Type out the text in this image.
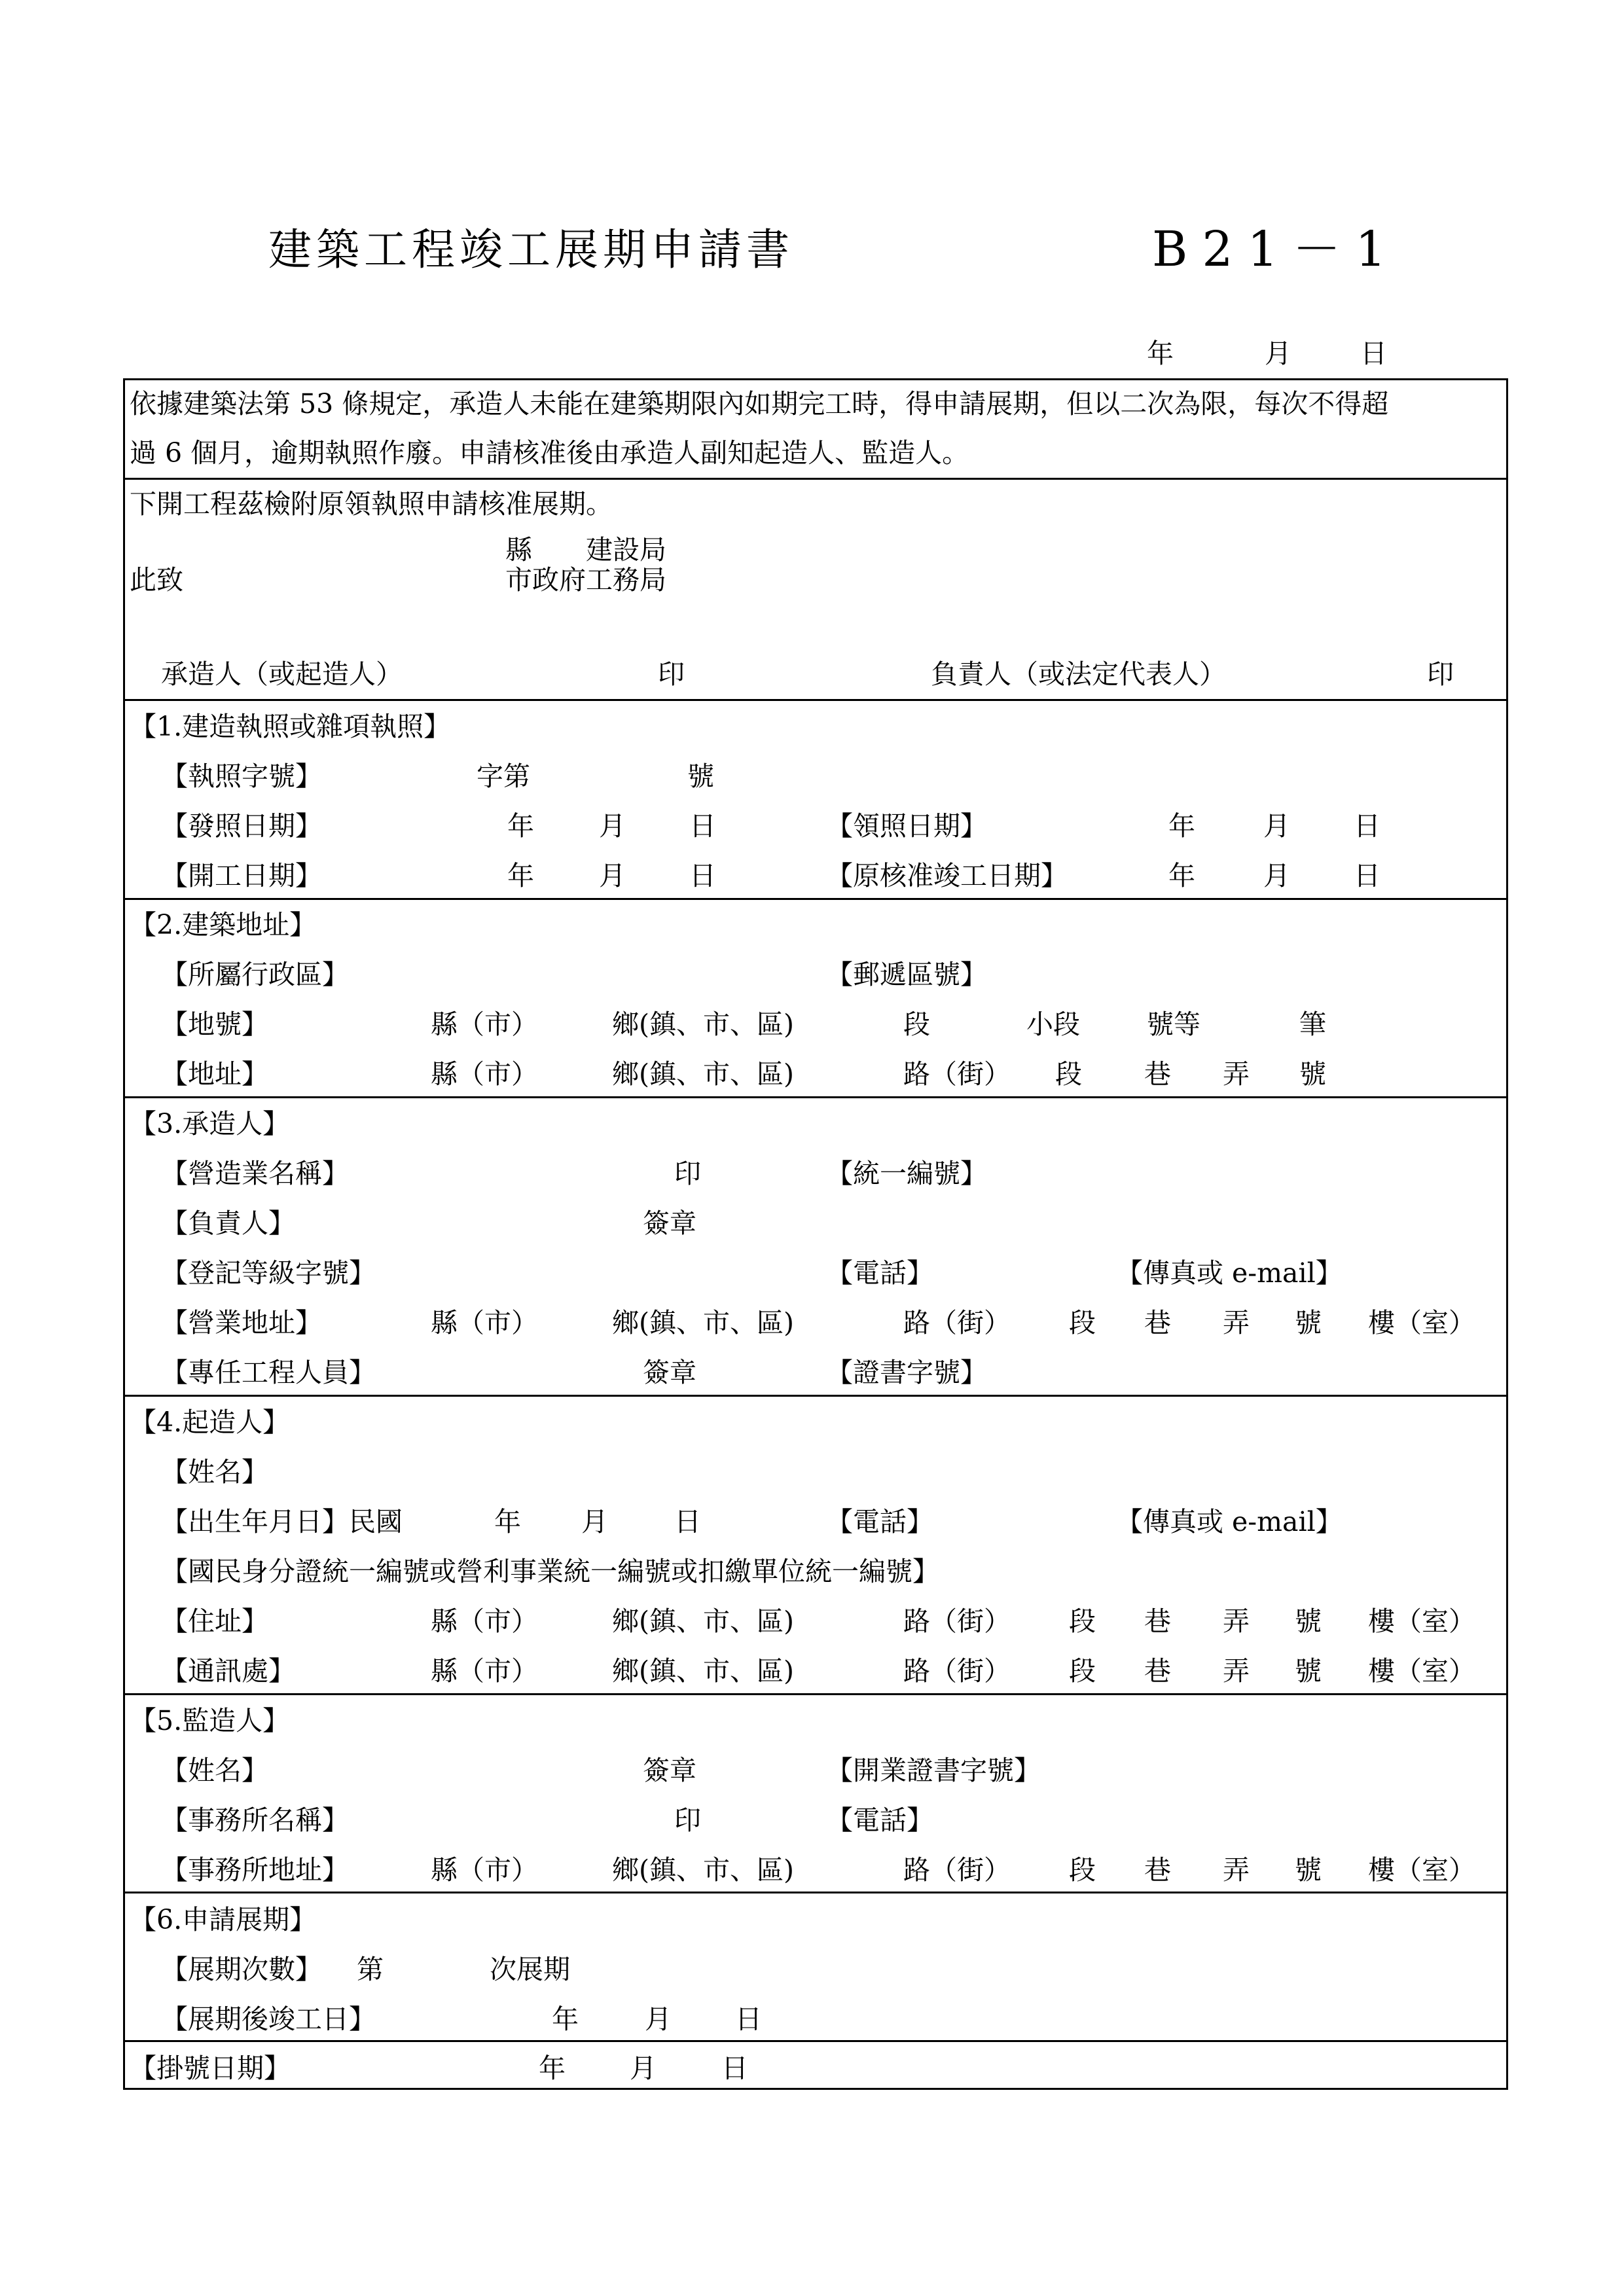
建築工程竣工展期申請書	B21－1
年	月	日
依據建築法第 53 條規定，承造人未能在建築期限內如期完工時，得申請展期，但以二次為限，每次不得超
過 6 個月，逾期執照作廢。申請核准後由承造人副知起造人、監造人。
下開工程茲檢附原領執照申請核准展期。
縣　　建設局
市政府工務局
此致
承造人（或起造人）	印	負責人（或法定代表人）	印
【1.建造執照或雜項執照】
【執照字號】	字第	號
【發照日期】	年 月 日	【領照日期】	年	月 日
【開工日期】	年 月 日	【原核准竣工日期】	年	月 日
【2.建築地址】
【所屬行政區】	【郵遞區號】
【地號】	縣（市）	鄉(鎮、市、區)	段	小段 號等	筆
【地址】	縣（市）	鄉(鎮、市、區)	路（街） 段 巷 弄 號
【3.承造人】
【營造業名稱】	印	【統一編號】
【負責人】	簽章
【登記等級字號】	【電話】	【傳真或 e-mail】
【營業地址】	縣（市）	鄉(鎮、市、區)	路（街） 段 巷 弄 號 樓（室）
【專任工程人員】	簽章	【證書字號】
【4.起造人】
【姓名】
【出生年月日】民國	年 月 日	【電話】	【傳真或 e-mail】
【國民身分證統一編號或營利事業統一編號或扣繳單位統一編號】
【住址】	縣（市）	鄉(鎮、市、區)	路（街） 段 巷 弄 號 樓（室）
【通訊處】	縣（市）	鄉(鎮、市、區)	路（街） 段 巷 弄 號 樓（室）
【5.監造人】
【姓名】	簽章	【開業證書字號】
【事務所名稱】	印	【電話】
【事務所地址】	縣（市）	鄉(鎮、市、區)	路（街） 段 巷 弄 號 樓（室）
【6.申請展期】
【展期次數】 第	次展期
【展期後竣工日】	年 月 日
【掛號日期】	年 月 日
